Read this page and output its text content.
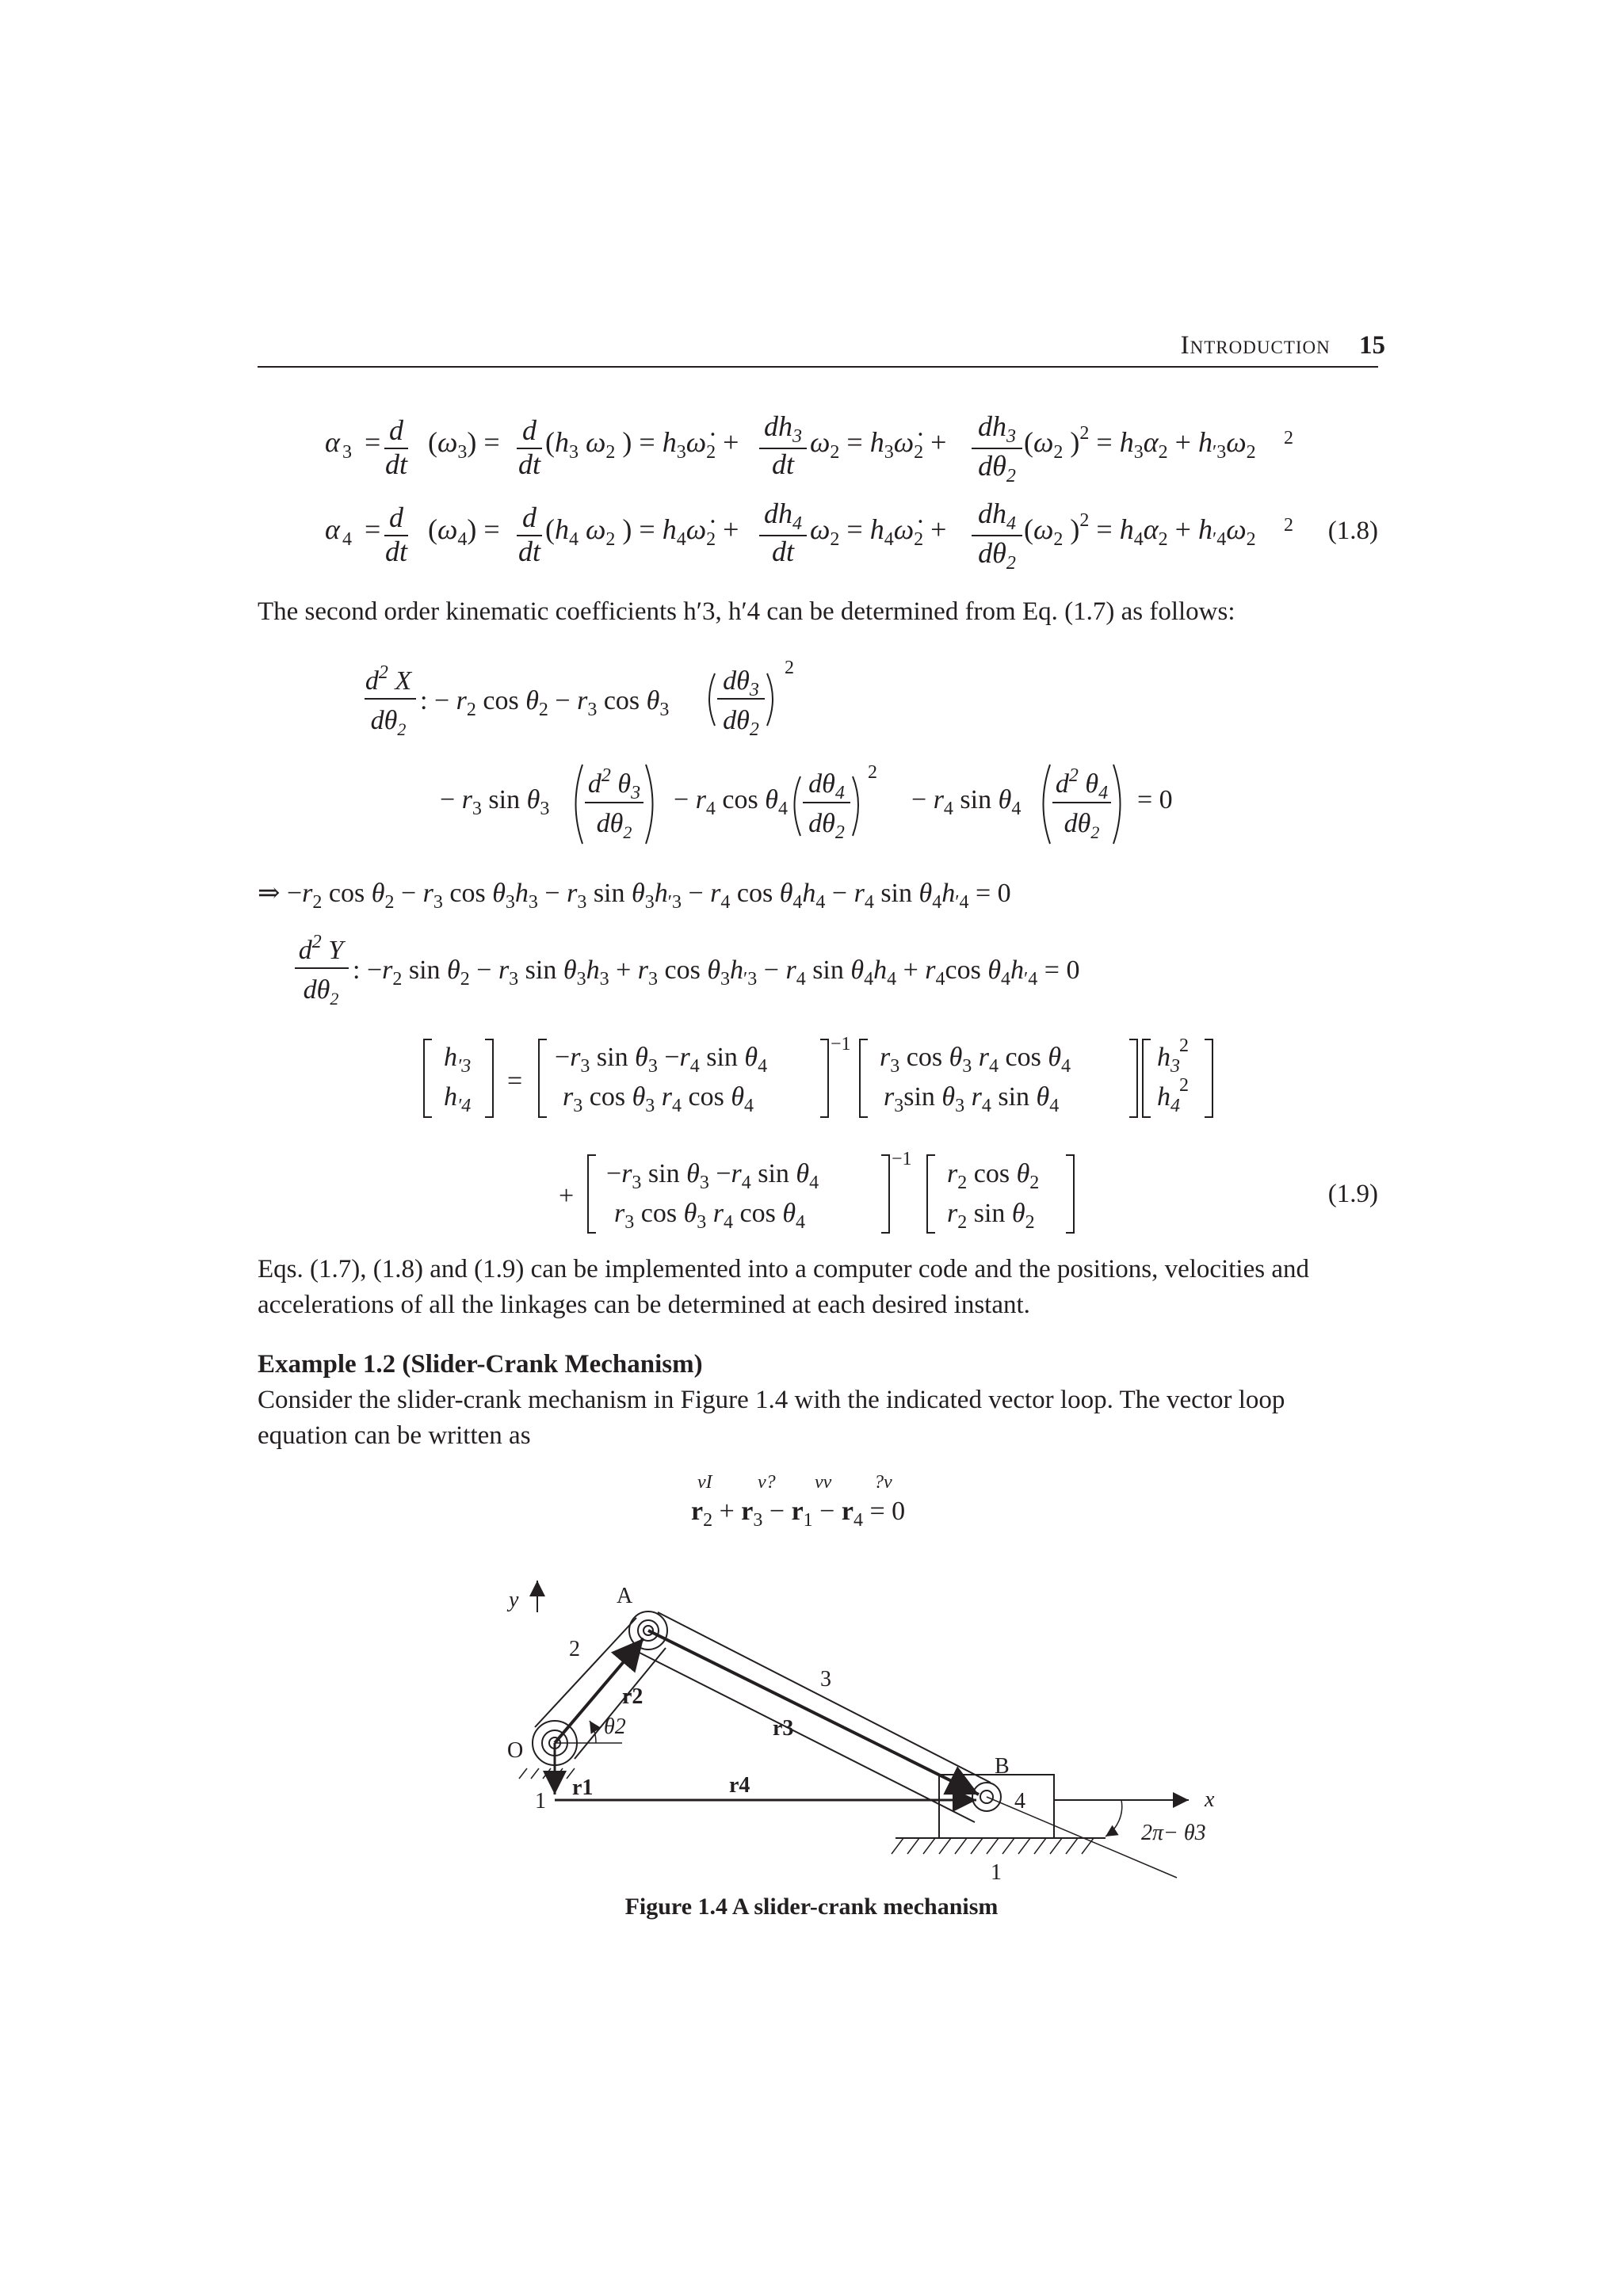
Introduction 15
α 3 = d
dt
$(\omega_3) = d$
dt
($h_3$ $\omega_2$ ) = $h_3\omegȧ_2 + dh_3$
dt
$\omega_2$ = $h_3\omegȧ_2 + dh_3$
$d\theta_2$
($\omega_2$ )$^2 = h_3\alpha_2 + h_{'3}\omega_2$
2
α 4 = d
dt
$(\omega_4) = d$
dt
($h_4$ $\omega_2$ ) = $h_4\omegȧ_2 + dh_4$
dt
$\omega_2$ = $h_4\omegȧ_2 + dh_4$
$d\theta_2$
($\omega_2$ )$^2 = h_4\alpha_2 + h_{'4}\omega_2$
2 (1.8)
The second order kinematic coefficients h′3, h′4 can be determined from Eq. (1.7) as follows:
$d^2$ X
$d\theta_2$
: − $r_2$ $\cos \theta_2 - r_3$ $\cos \theta_3$
$d\theta_3$
$d\theta_2$
2
− $r_3$ $\sin \theta_3$
$d^2$ $\theta_3$
$d\theta_2$
− $r_4$ $\cos \theta_4$
$d\theta_4$
$d\theta_2$
2
− $r_4$ $\sin \theta_4$
$d^2$ $\theta_4$
$d\theta_2$
= 0
⇒ $-r_2$ $\cos \theta_2 - r_3$ $\cos \theta_3h_3 - r_3$ $\sin \theta_3h_{'3} - r_4$ $\cos \theta_4h_4 - r_4$ $\sin \theta_4h_{'4} = 0$
$d^2$ Y
$d\theta_2$
: $-r_2$ $\sin \theta_2 - r_3$ $\sin \theta_3h_3 + r_3$ $\cos \theta_3h_{'3} - r_4$ $\sin \theta_4h_4 + r_4\cos$ $\theta_4h_{'4} = 0$
$h_{'3}$
$h_{'4}$
=
$-r_3$ $\sin \theta_3 -r_4$ $\sin \theta_4$
$r_3$ $\cos \theta_3$ $r_4$ $\cos \theta_4$
−1 $r_3$ $\cos \theta_3$ $r_4$ $\cos \theta_4$
$r_3\sin$ $\theta_3$ $r_4$ $\sin \theta_4$
$h_3$
2
$h_4$
2
+
$-r_3$ $\sin \theta_3 -r_4$ $\sin \theta_4$
$r_3$ $\cos \theta_3$ $r_4$ $\cos \theta_4$
−1 $r_2$ $\cos \theta_2$
$r_2$ $\sin \theta_2$
(1.9)
Eqs. (1.7), (1.8) and (1.9) can be implemented into a computer code and the positions, velocities and accelerations of all the linkages can be determined at each desired instant.
Example 1.2 (Slider-Crank Mechanism)
Consider the slider-crank mechanism in Figure 1.4 with the indicated vector loop. The vector loop equation can be written as
vI v? vv ?v
$r_2 + r_3 - r_1 - r_4 = 0$
y	A
O
B
2
3
4
1
1
x
r2
r3
r1	r4
θ2
2π− θ3
Figure 1.4 A slider-crank mechanism
